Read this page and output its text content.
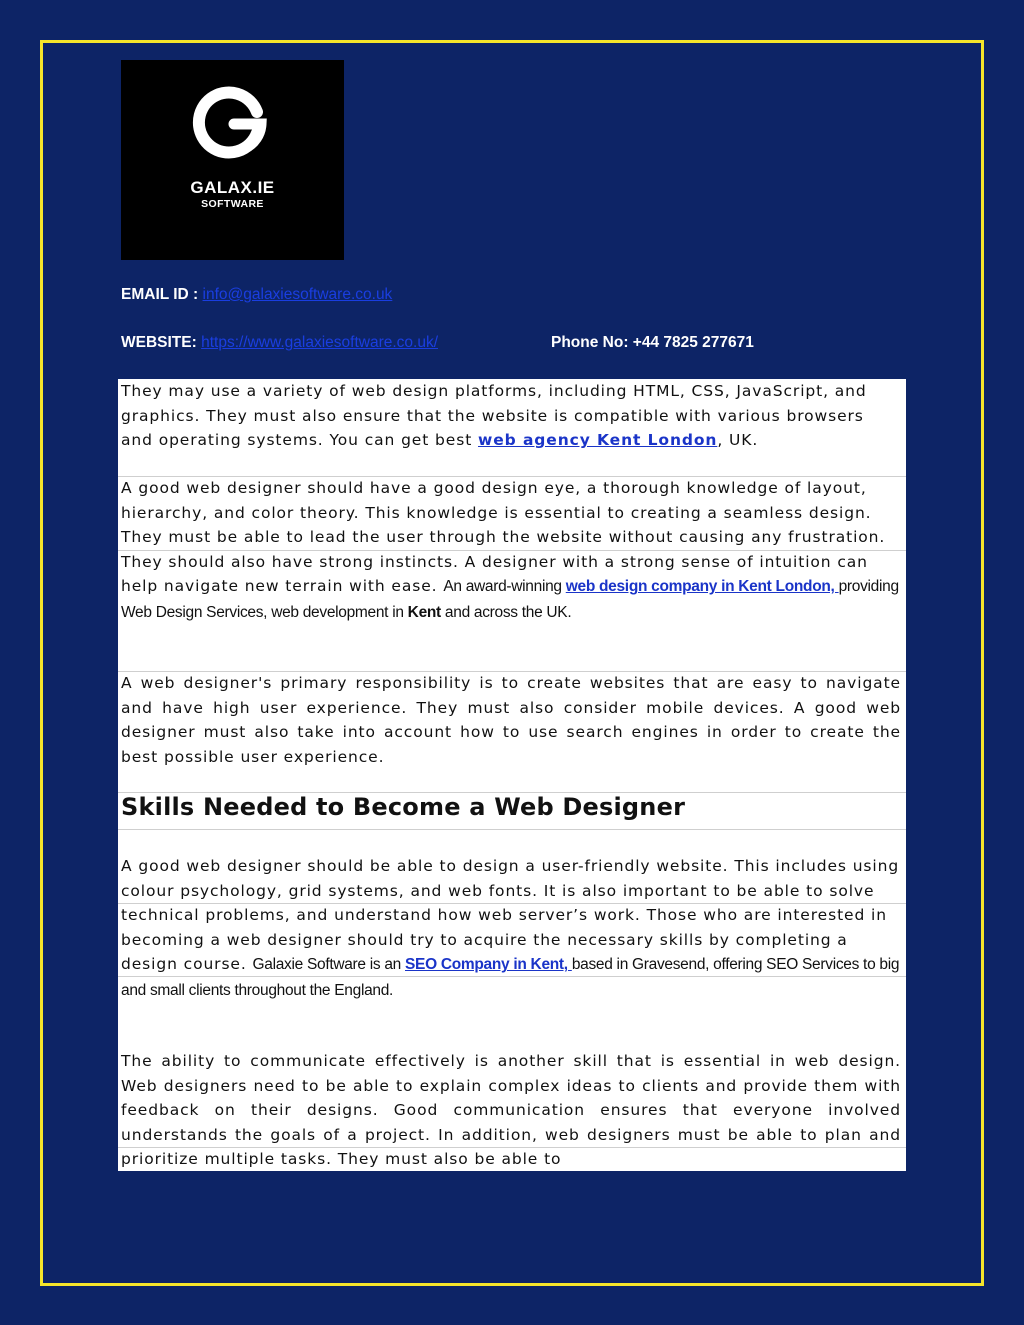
GALAX.IE
SOFTWARE
EMAIL ID : info@galaxiesoftware.co.uk
WEBSITE: https://www.galaxiesoftware.co.uk/	Phone No: +44 7825 277671

They may use a variety of web design platforms, including HTML, CSS, JavaScript, and graphics. They must also ensure that the website is compatible with various browsers and operating systems. You can get best web agency Kent London, UK.

A good web designer should have a good design eye, a thorough knowledge of layout, hierarchy, and color theory. This knowledge is essential to creating a seamless design. They must be able to lead the user through the website without causing any frustration. They should also have strong instincts. A designer with a strong sense of intuition can help navigate new terrain with ease. An award-winning web design company in Kent London, providing Web Design Services, web development in Kent and across the UK.

A web designer's primary responsibility is to create websites that are easy to navigate and have high user experience. They must also consider mobile devices. A good web designer must also take into account how to use search engines in order to create the best possible user experience.

Skills Needed to Become a Web Designer

A good web designer should be able to design a user-friendly website. This includes using colour psychology, grid systems, and web fonts. It is also important to be able to solve technical problems, and understand how web server’s work. Those who are interested in becoming a web designer should try to acquire the necessary skills by completing a design course. Galaxie Software is an SEO Company in Kent, based in Gravesend, offering SEO Services to big and small clients throughout the England.

The ability to communicate effectively is another skill that is essential in web design. Web designers need to be able to explain complex ideas to clients and provide them with feedback on their designs. Good communication ensures that everyone involved understands the goals of a project. In addition, web designers must be able to plan and prioritize multiple tasks. They must also be able to
